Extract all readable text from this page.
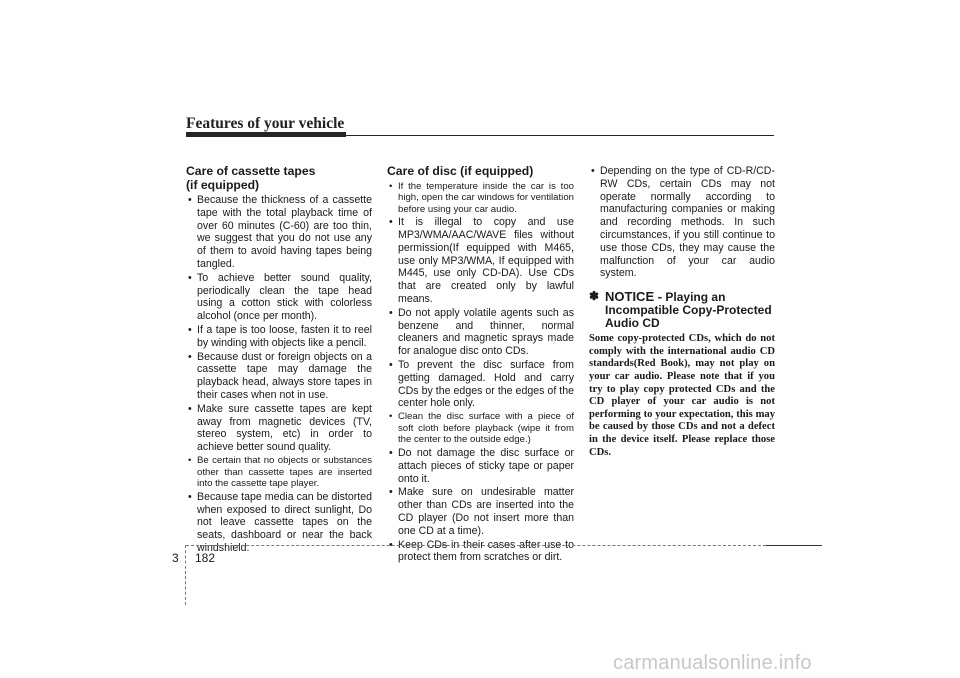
Features of your vehicle
Care of cassette tapes
(if equipped)
• Because the thickness of a cassette tape with the total playback time of over 60 minutes (C-60) are too thin, we suggest that you do not use any of them to avoid having tapes being tangled.
• To achieve better sound quality, periodically clean the tape head using a cotton stick with colorless alcohol (once per month).
• If a tape is too loose, fasten it to reel by winding with objects like a pencil.
• Because dust or foreign objects on a cassette tape may damage the playback head, always store tapes in their cases when not in use.
• Make sure cassette tapes are kept away from magnetic devices (TV, stereo system, etc) in order to achieve better sound quality.
• Be certain that no objects or substances other than cassette tapes are inserted into the cassette tape player.
• Because tape media can be distorted when exposed to direct sunlight, Do not leave cassette tapes on the seats, dashboard or near the back windshield.
Care of disc (if equipped)
• If the temperature inside the car is too high, open the car windows for ventilation before using your car audio.
• It is illegal to copy and use MP3/WMA/AAC/WAVE files without permission(If equipped with M465, use only MP3/WMA, If equipped with M445, use only CD-DA). Use CDs that are created only by lawful means.
• Do not apply volatile agents such as benzene and thinner, normal cleaners and magnetic sprays made for analogue disc onto CDs.
• To prevent the disc surface from getting damaged. Hold and carry CDs by the edges or the edges of the center hole only.
• Clean the disc surface with a piece of soft cloth before playback (wipe it from the center to the outside edge.)
• Do not damage the disc surface or attach pieces of sticky tape or paper onto it.
• Make sure on undesirable matter other than CDs are inserted into the CD player (Do not insert more than one CD at a time).
• Keep CDs in their cases after use to protect them from scratches or dirt.
• Depending on the type of CD-R/CD-RW CDs, certain CDs may not operate normally according to manufacturing companies or making and recording methods. In such circumstances, if you still continue to use those CDs, they may cause the malfunction of your car audio system.
✽ NOTICE - Playing an Incompatible Copy-Protected Audio CD
Some copy-protected CDs, which do not comply with the international audio CD standards(Red Book), may not play on your car audio. Please note that if you try to play copy protected CDs and the CD player of your car audio is not performing to your expectation, this may be caused by those CDs and not a defect in the device itself. Please replace those CDs.
3 182
carmanualsonline.info
